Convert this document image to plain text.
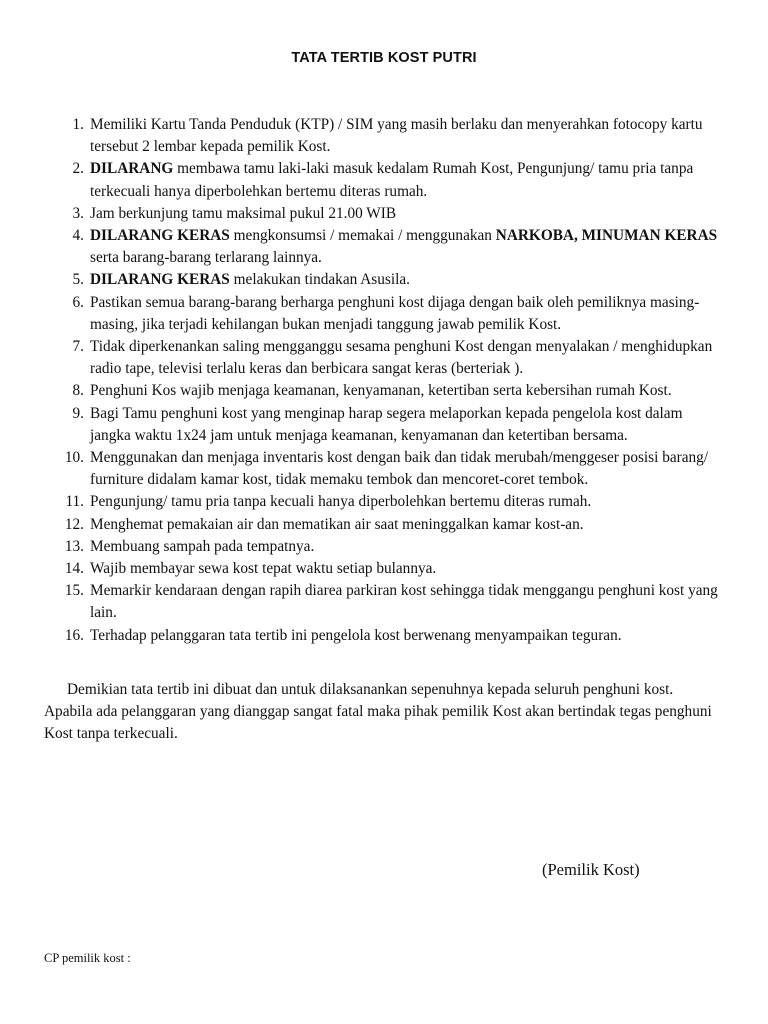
TATA TERTIB KOST PUTRI
1. Memiliki Kartu Tanda Penduduk (KTP) / SIM yang masih berlaku dan menyerahkan fotocopy kartu tersebut 2 lembar kepada pemilik Kost.
2. DILARANG membawa tamu laki-laki masuk kedalam Rumah Kost, Pengunjung/ tamu pria tanpa terkecuali hanya diperbolehkan bertemu diteras rumah.
3. Jam berkunjung tamu maksimal pukul 21.00 WIB
4. DILARANG KERAS mengkonsumsi / memakai / menggunakan NARKOBA, MINUMAN KERAS serta barang-barang terlarang lainnya.
5. DILARANG KERAS melakukan tindakan Asusila.
6. Pastikan semua barang-barang berharga penghuni kost dijaga dengan baik oleh pemiliknya masing-masing, jika terjadi kehilangan bukan menjadi tanggung jawab pemilik Kost.
7. Tidak diperkenankan saling mengganggu sesama penghuni Kost dengan menyalakan / menghidupkan radio tape, televisi terlalu keras dan berbicara sangat keras (berteriak ).
8. Penghuni Kos wajib menjaga keamanan, kenyamanan, ketertiban serta kebersihan rumah Kost.
9. Bagi Tamu penghuni kost yang menginap harap segera melaporkan kepada pengelola kost dalam jangka waktu 1x24 jam untuk menjaga keamanan, kenyamanan dan ketertiban bersama.
10. Menggunakan dan menjaga inventaris kost dengan baik dan tidak merubah/menggeser posisi barang/ furniture didalam kamar kost, tidak memaku tembok dan mencoret-coret tembok.
11. Pengunjung/ tamu pria tanpa kecuali hanya diperbolehkan bertemu diteras rumah.
12. Menghemat pemakaian air dan mematikan air saat meninggalkan kamar kost-an.
13. Membuang sampah pada tempatnya.
14. Wajib membayar sewa kost tepat waktu setiap bulannya.
15. Memarkir kendaraan dengan rapih diarea parkiran kost sehingga tidak menggangu penghuni kost yang lain.
16. Terhadap pelanggaran tata tertib ini pengelola kost berwenang menyampaikan teguran.

Demikian tata tertib ini dibuat dan untuk dilaksanankan sepenuhnya kepada seluruh penghuni kost. Apabila ada pelanggaran yang dianggap sangat fatal maka pihak pemilik Kost akan bertindak tegas penghuni Kost tanpa terkecuali.

(Pemilik Kost)
CP pemilik kost :
